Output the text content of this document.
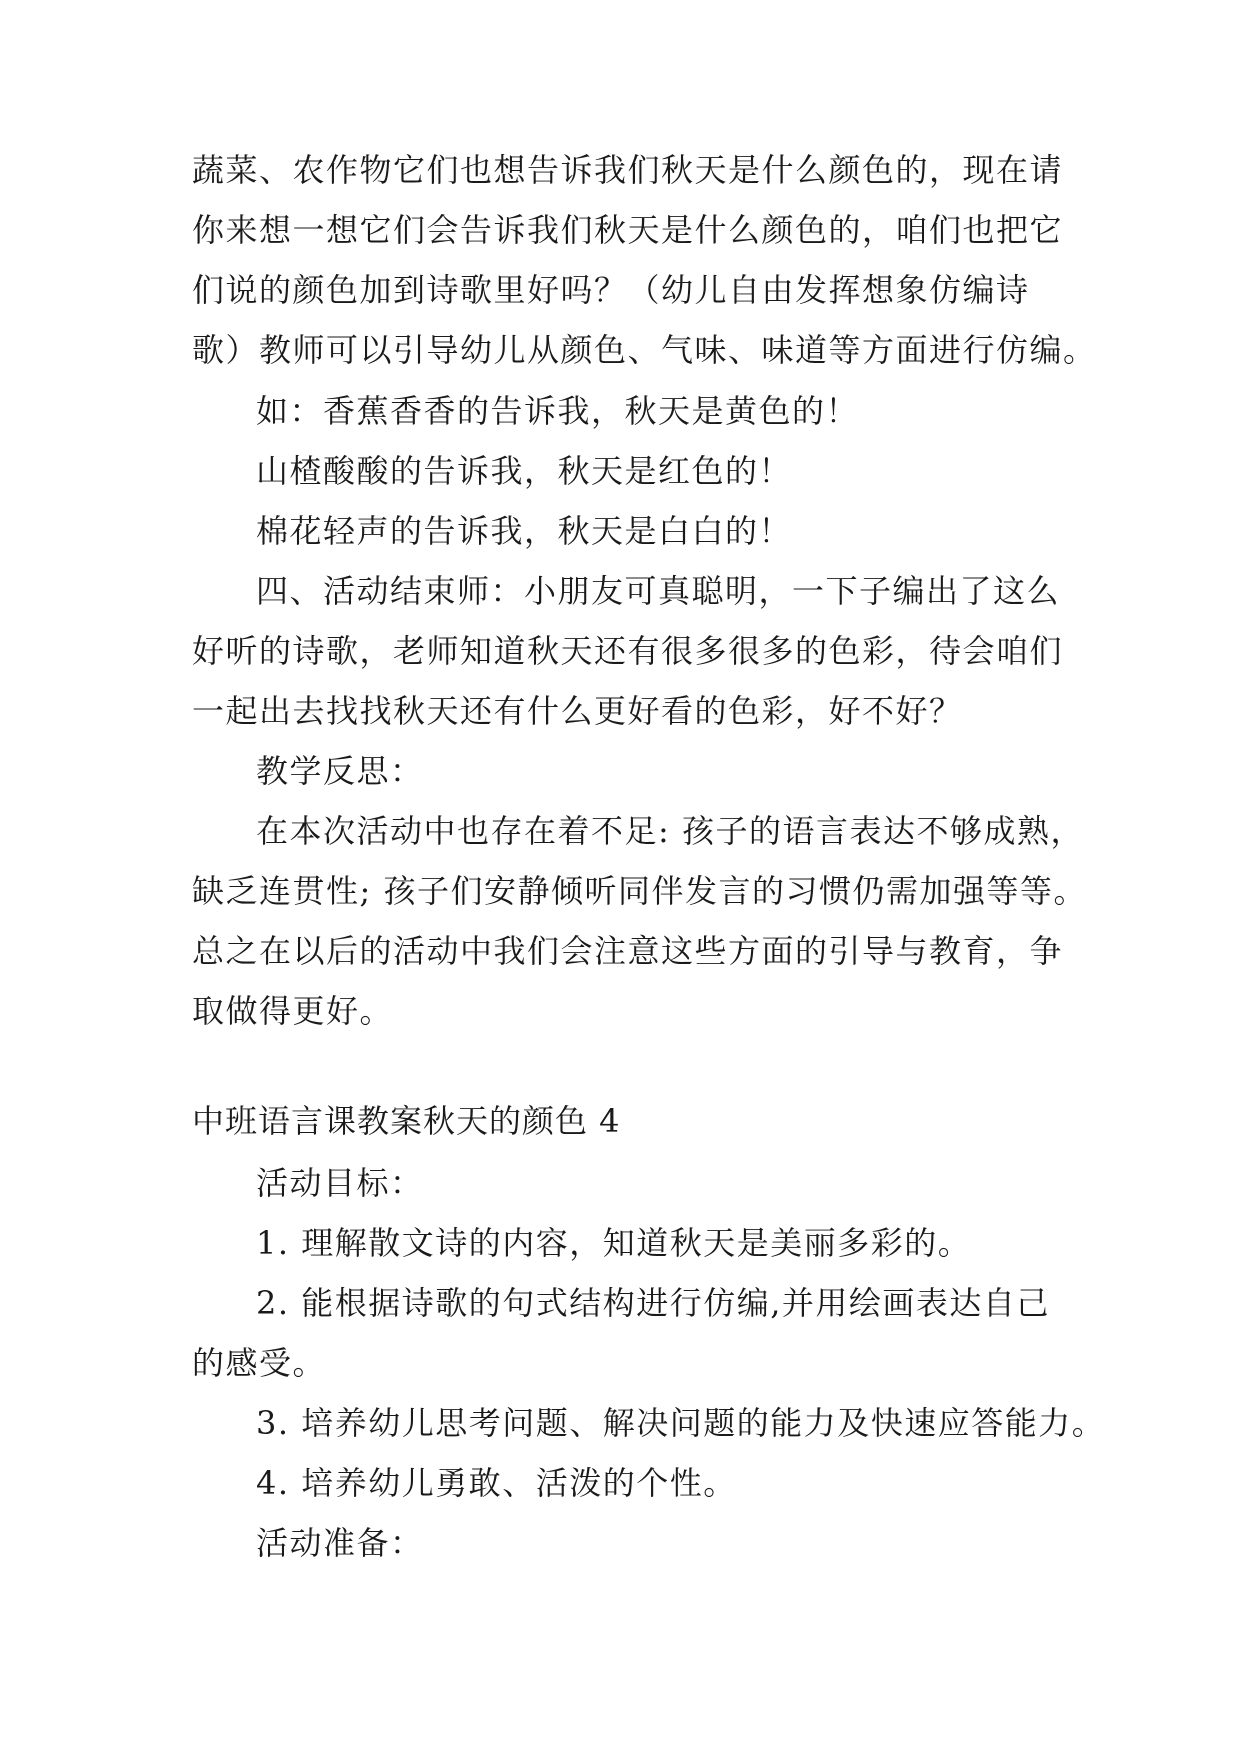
蔬菜、农作物它们也想告诉我们秋天是什么颜色的，现在请
你来想一想它们会告诉我们秋天是什么颜色的，咱们也把它
们说的颜色加到诗歌里好吗？（幼儿自由发挥想象仿编诗
歌）教师可以引导幼儿从颜色、气味、味道等方面进行仿编。
如：香蕉香香的告诉我，秋天是黄色的！
山楂酸酸的告诉我，秋天是红色的！
棉花轻声的告诉我，秋天是白白的！
四、活动结束师：小朋友可真聪明，一下子编出了这么
好听的诗歌，老师知道秋天还有很多很多的色彩，待会咱们
一起出去找找秋天还有什么更好看的色彩，好不好？
教学反思：
在本次活动中也存在着不足: 孩子的语言表达不够成熟，
缺乏连贯性; 孩子们安静倾听同伴发言的习惯仍需加强等等。
总之在以后的活动中我们会注意这些方面的引导与教育，争
取做得更好。
中班语言课教案秋天的颜色 4
活动目标：
1. 理解散文诗的内容，知道秋天是美丽多彩的。
2. 能根据诗歌的句式结构进行仿编,并用绘画表达自己
的感受。
3. 培养幼儿思考问题、解决问题的能力及快速应答能力。
4. 培养幼儿勇敢、活泼的个性。
活动准备：
